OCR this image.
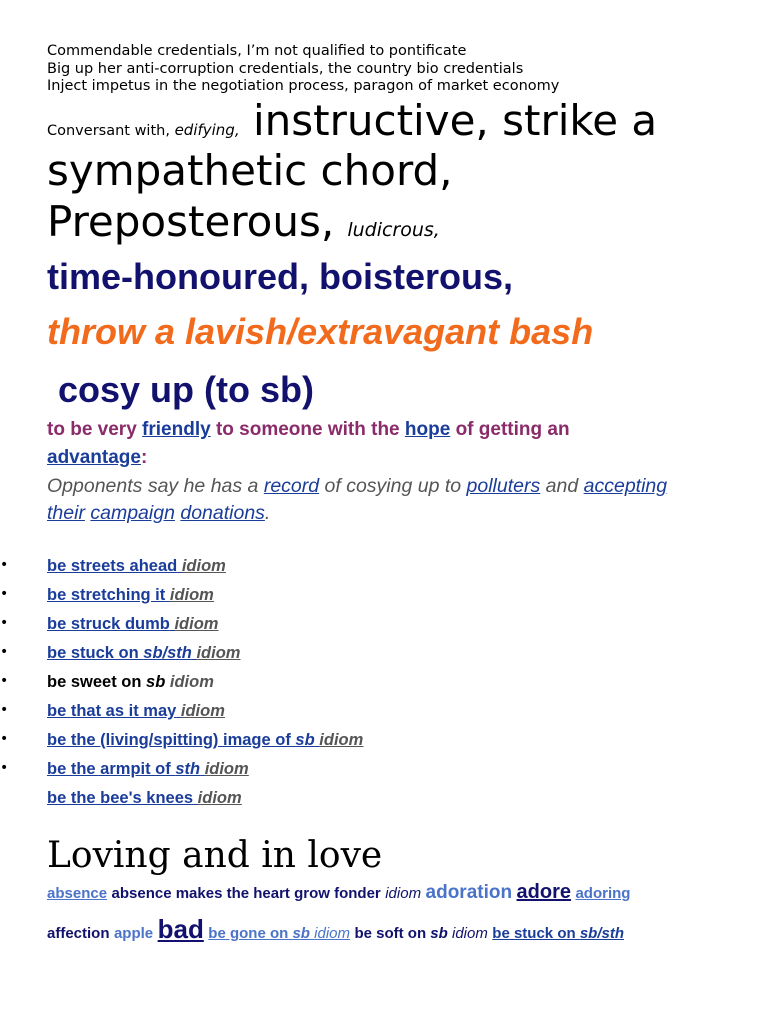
Commendable credentials, I’m not qualified to pontificate
Big up her anti-corruption credentials, the country bio credentials
Inject impetus in the negotiation process, paragon of market economy
Conversant with, edifying, instructive, strike a
sympathetic chord,
Preposterous, ludicrous,
time-honoured, boisterous,
throw a lavish/extravagant bash
cosy up (to sb)
to be very friendly to someone with the hope of getting an
advantage:
Opponents say he has a record of cosying up to polluters and accepting
their campaign donations.
• be streets ahead idiom
• be stretching it idiom
• be struck dumb idiom
• be stuck on sb/sth idiom
• be sweet on sb idiom
• be that as it may idiom
• be the (living/spitting) image of sb idiom
• be the armpit of sth idiom
be the bee's knees idiom
Loving and in love
absence absence makes the heart grow fonder idiom adoration adore adoring
affection apple bad be gone on sb idiom be soft on sb idiom be stuck on sb/sth
